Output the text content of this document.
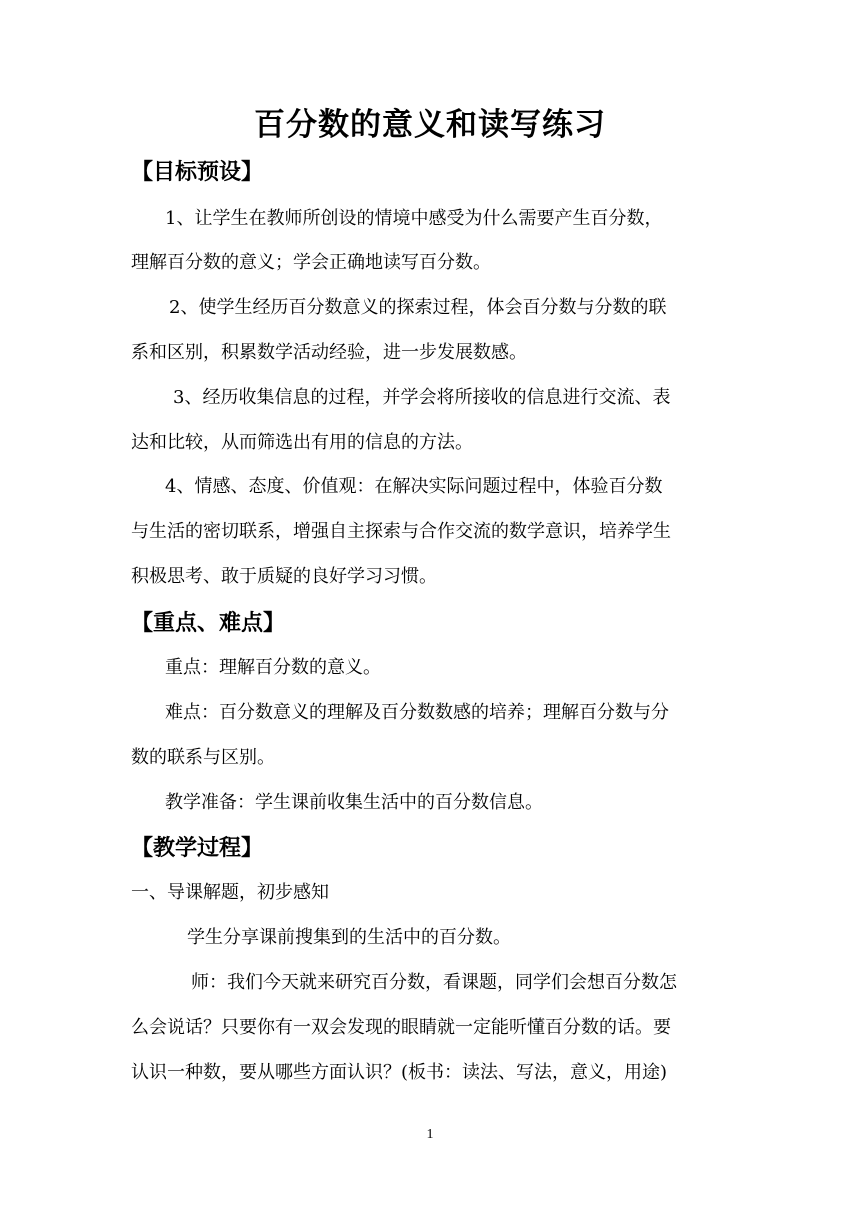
百分数的意义和读写练习
【目标预设】
1、让学生在教师所创设的情境中感受为什么需要产生百分数，
理解百分数的意义；学会正确地读写百分数。
2、使学生经历百分数意义的探索过程，体会百分数与分数的联
系和区别，积累数学活动经验，进一步发展数感。
3、经历收集信息的过程，并学会将所接收的信息进行交流、表
达和比较，从而筛选出有用的信息的方法。
4、情感、态度、价值观：在解决实际问题过程中，体验百分数
与生活的密切联系，增强自主探索与合作交流的数学意识，培养学生
积极思考、敢于质疑的良好学习习惯。
【重点、难点】
重点：理解百分数的意义。
难点：百分数意义的理解及百分数数感的培养；理解百分数与分
数的联系与区别。
教学准备：学生课前收集生活中的百分数信息。
【教学过程】
一、导课解题，初步感知
学生分享课前搜集到的生活中的百分数。
师：我们今天就来研究百分数，看课题，同学们会想百分数怎
么会说话？只要你有一双会发现的眼睛就一定能听懂百分数的话。要
认识一种数，要从哪些方面认识？(板书：读法、写法，意义，用途)
1
